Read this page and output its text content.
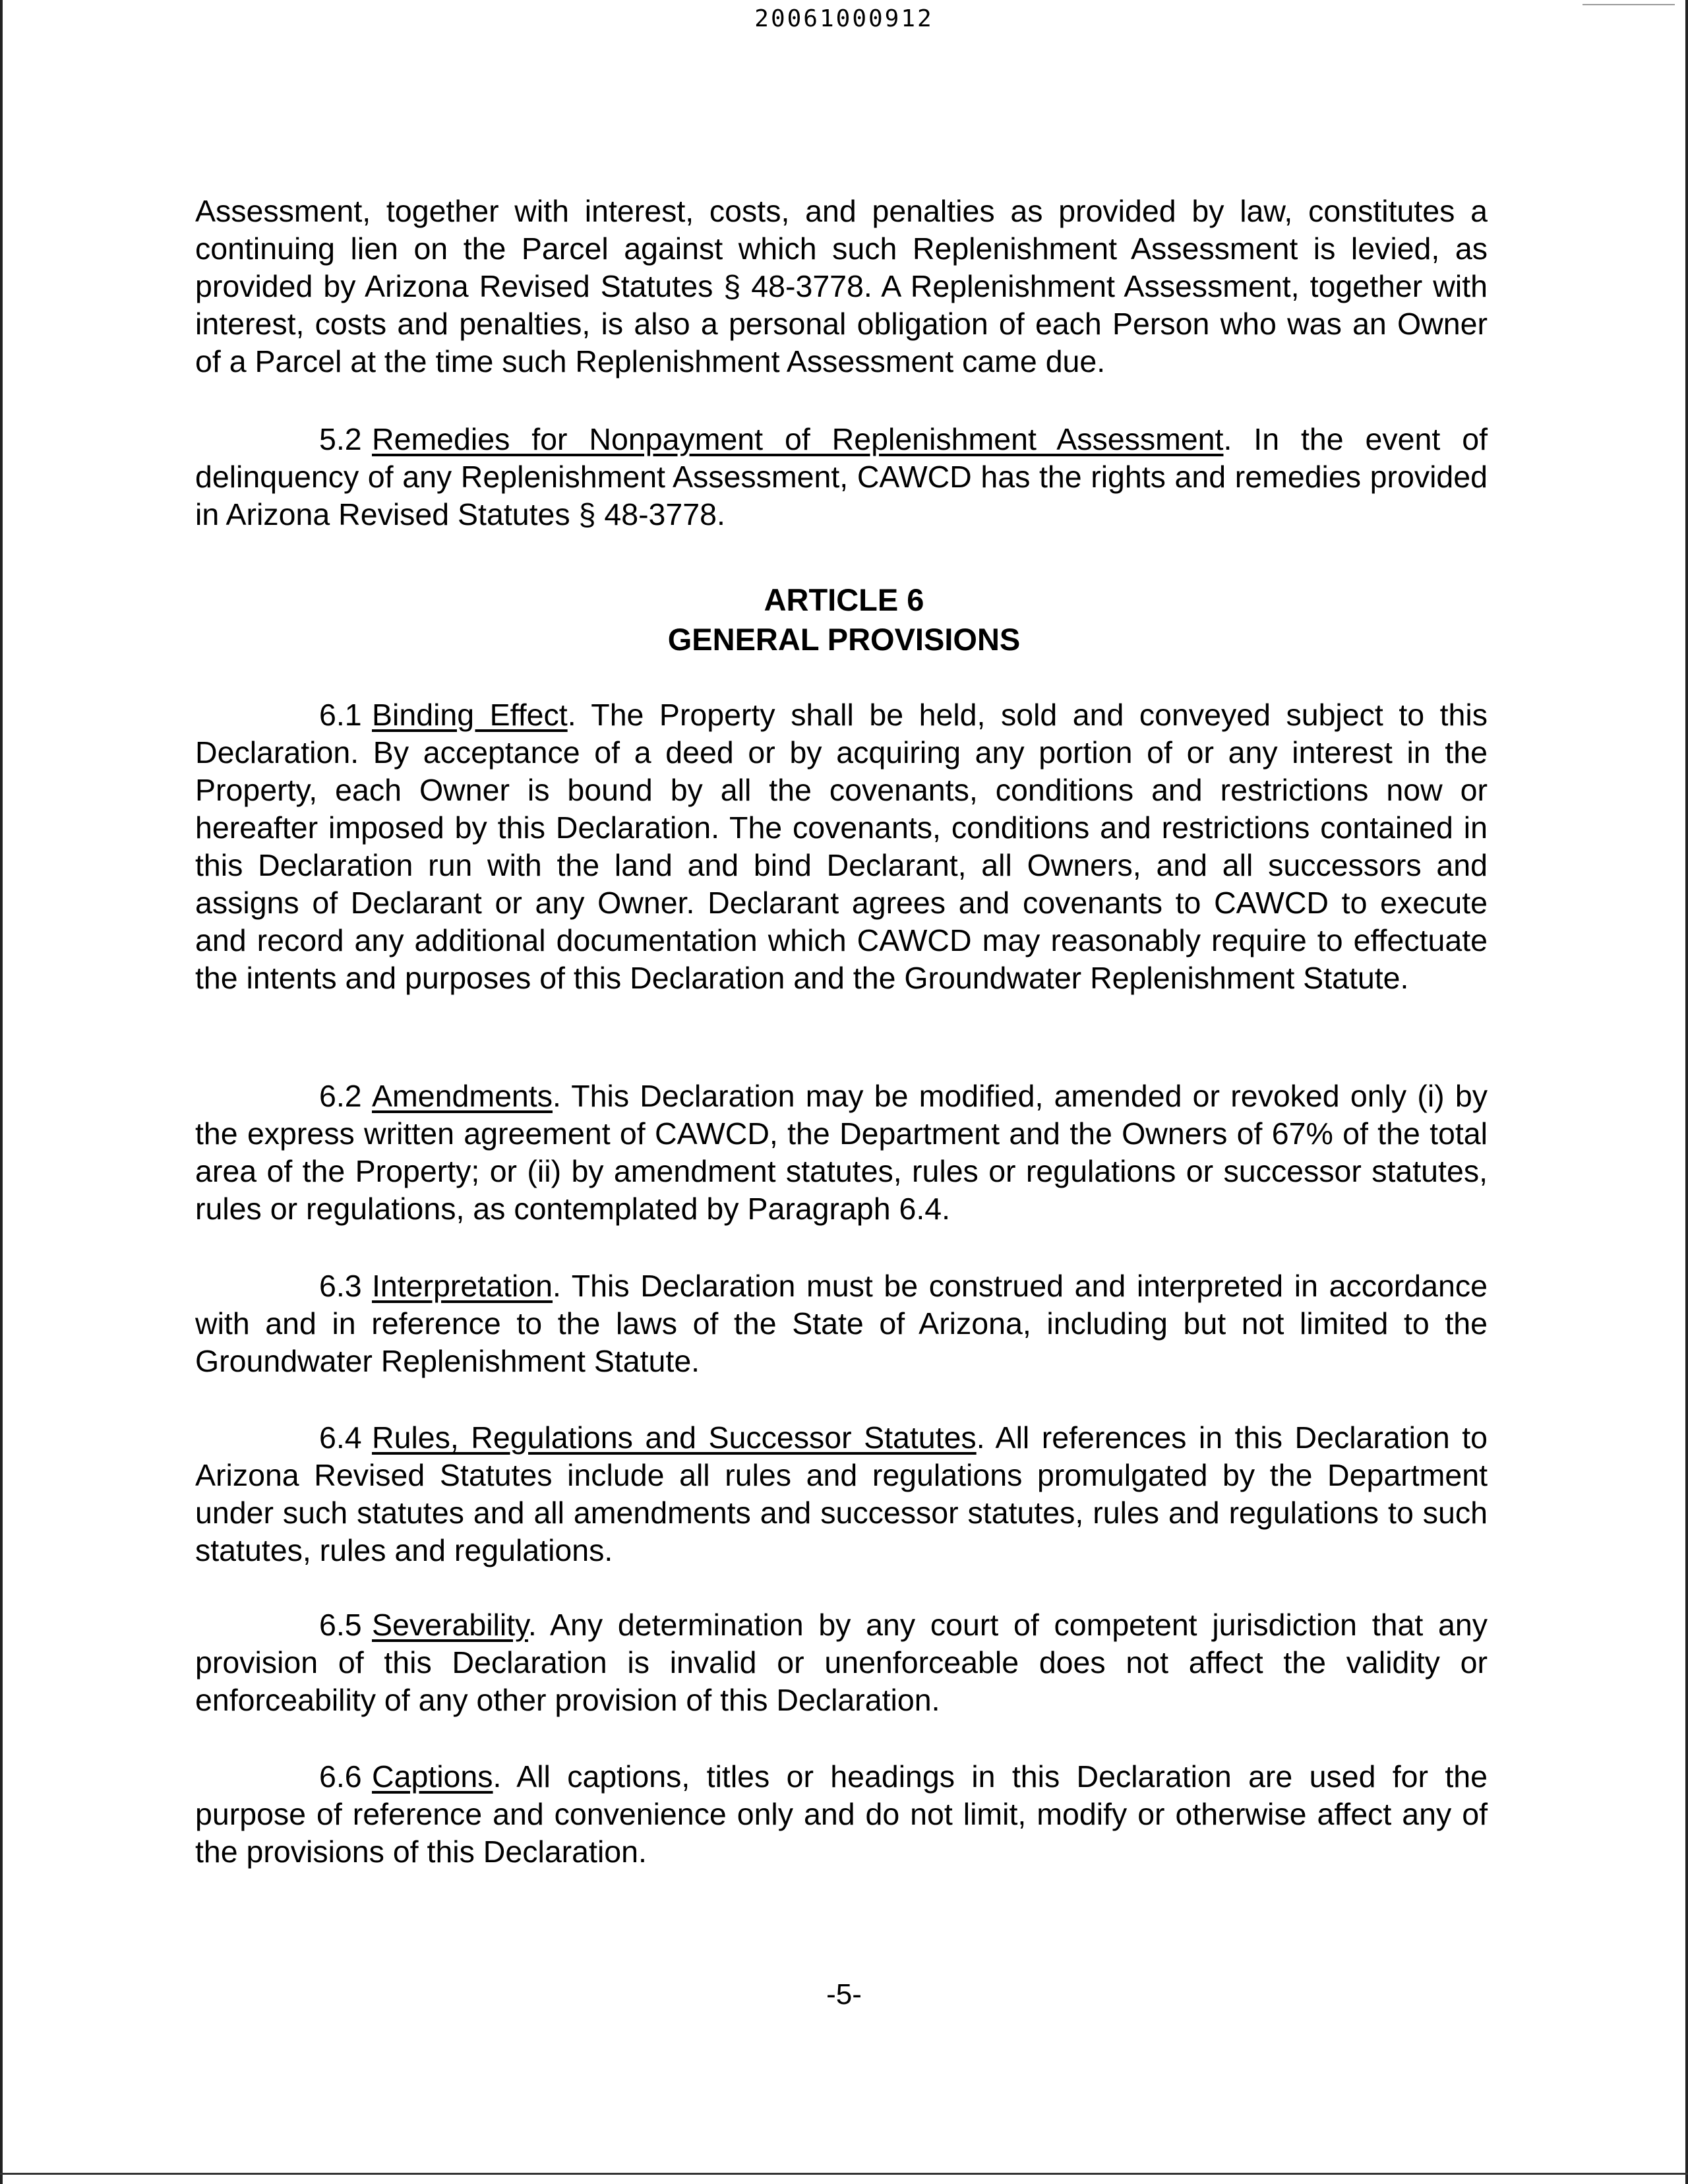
20061000912

Assessment, together with interest, costs, and penalties as provided by law, constitutes a continuing lien on the Parcel against which such Replenishment Assessment is levied, as provided by Arizona Revised Statutes § 48-3778. A Replenishment Assessment, together with interest, costs and penalties, is also a personal obligation of each Person who was an Owner of a Parcel at the time such Replenishment Assessment came due.

5.2 Remedies for Nonpayment of Replenishment Assessment. In the event of delinquency of any Replenishment Assessment, CAWCD has the rights and remedies provided in Arizona Revised Statutes § 48-3778.

ARTICLE 6
GENERAL PROVISIONS

6.1 Binding Effect. The Property shall be held, sold and conveyed subject to this Declaration. By acceptance of a deed or by acquiring any portion of or any interest in the Property, each Owner is bound by all the covenants, conditions and restrictions now or hereafter imposed by this Declaration. The covenants, conditions and restrictions contained in this Declaration run with the land and bind Declarant, all Owners, and all successors and assigns of Declarant or any Owner. Declarant agrees and covenants to CAWCD to execute and record any additional documentation which CAWCD may reasonably require to effectuate the intents and purposes of this Declaration and the Groundwater Replenishment Statute.

6.2 Amendments. This Declaration may be modified, amended or revoked only (i) by the express written agreement of CAWCD, the Department and the Owners of 67% of the total area of the Property; or (ii) by amendment statutes, rules or regulations or successor statutes, rules or regulations, as contemplated by Paragraph 6.4.

6.3 Interpretation. This Declaration must be construed and interpreted in accordance with and in reference to the laws of the State of Arizona, including but not limited to the Groundwater Replenishment Statute.

6.4 Rules, Regulations and Successor Statutes. All references in this Declaration to Arizona Revised Statutes include all rules and regulations promulgated by the Department under such statutes and all amendments and successor statutes, rules and regulations to such statutes, rules and regulations.

6.5 Severability. Any determination by any court of competent jurisdiction that any provision of this Declaration is invalid or unenforceable does not affect the validity or enforceability of any other provision of this Declaration.

6.6 Captions. All captions, titles or headings in this Declaration are used for the purpose of reference and convenience only and do not limit, modify or otherwise affect any of the provisions of this Declaration.

-5-
